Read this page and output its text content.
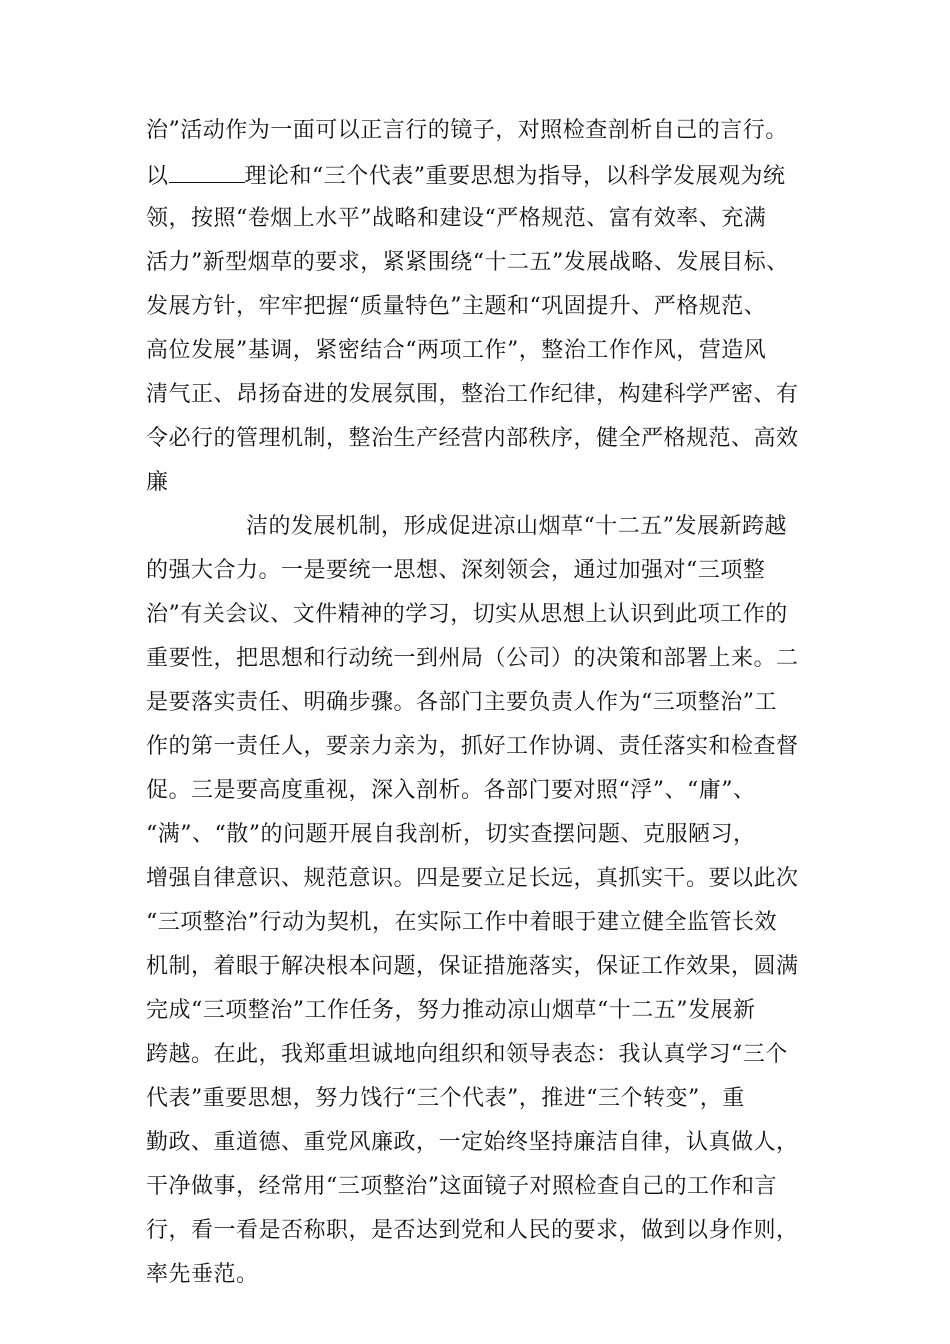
治”活动作为一面可以正言行的镜子，对照检查剖析自己的言行。
以	理论和“三个代表”重要思想为指导，以科学发展观为统
领，按照“卷烟上水平”战略和建设“严格规范、富有效率、充满
活力”新型烟草的要求，紧紧围绕“十二五”发展战略、发展目标、
发展方针，牢牢把握“质量特色”主题和“巩固提升、严格规范、
高位发展”基调，紧密结合“两项工作”，整治工作作风，营造风
清气正、昂扬奋进的发展氛围，整治工作纪律，构建科学严密、有
令必行的管理机制，整治生产经营内部秩序，健全严格规范、高效
廉
洁的发展机制，形成促进凉山烟草“十二五”发展新跨越
的强大合力。一是要统一思想、深刻领会，通过加强对“三项整
治”有关会议、文件精神的学习，切实从思想上认识到此项工作的
重要性，把思想和行动统一到州局（公司）的决策和部署上来。二
是要落实责任、明确步骤。各部门主要负责人作为“三项整治”工
作的第一责任人，要亲力亲为，抓好工作协调、责任落实和检查督
促。三是要高度重视，深入剖析。各部门要对照“浮”、“庸”、
“满”、“散”的问题开展自我剖析，切实查摆问题、克服陋习，
增强自律意识、规范意识。四是要立足长远，真抓实干。要以此次
“三项整治”行动为契机，在实际工作中着眼于建立健全监管长效
机制，着眼于解决根本问题，保证措施落实，保证工作效果，圆满
完成“三项整治”工作任务，努力推动凉山烟草“十二五”发展新
跨越。在此，我郑重坦诚地向组织和领导表态：我认真学习“三个
代表”重要思想，努力饯行“三个代表”，推进“三个转变”，重
勤政、重道德、重党风廉政，一定始终坚持廉洁自律，认真做人，
干净做事，经常用“三项整治”这面镜子对照检查自己的工作和言
行，看一看是否称职，是否达到党和人民的要求，做到以身作则，
率先垂范。
